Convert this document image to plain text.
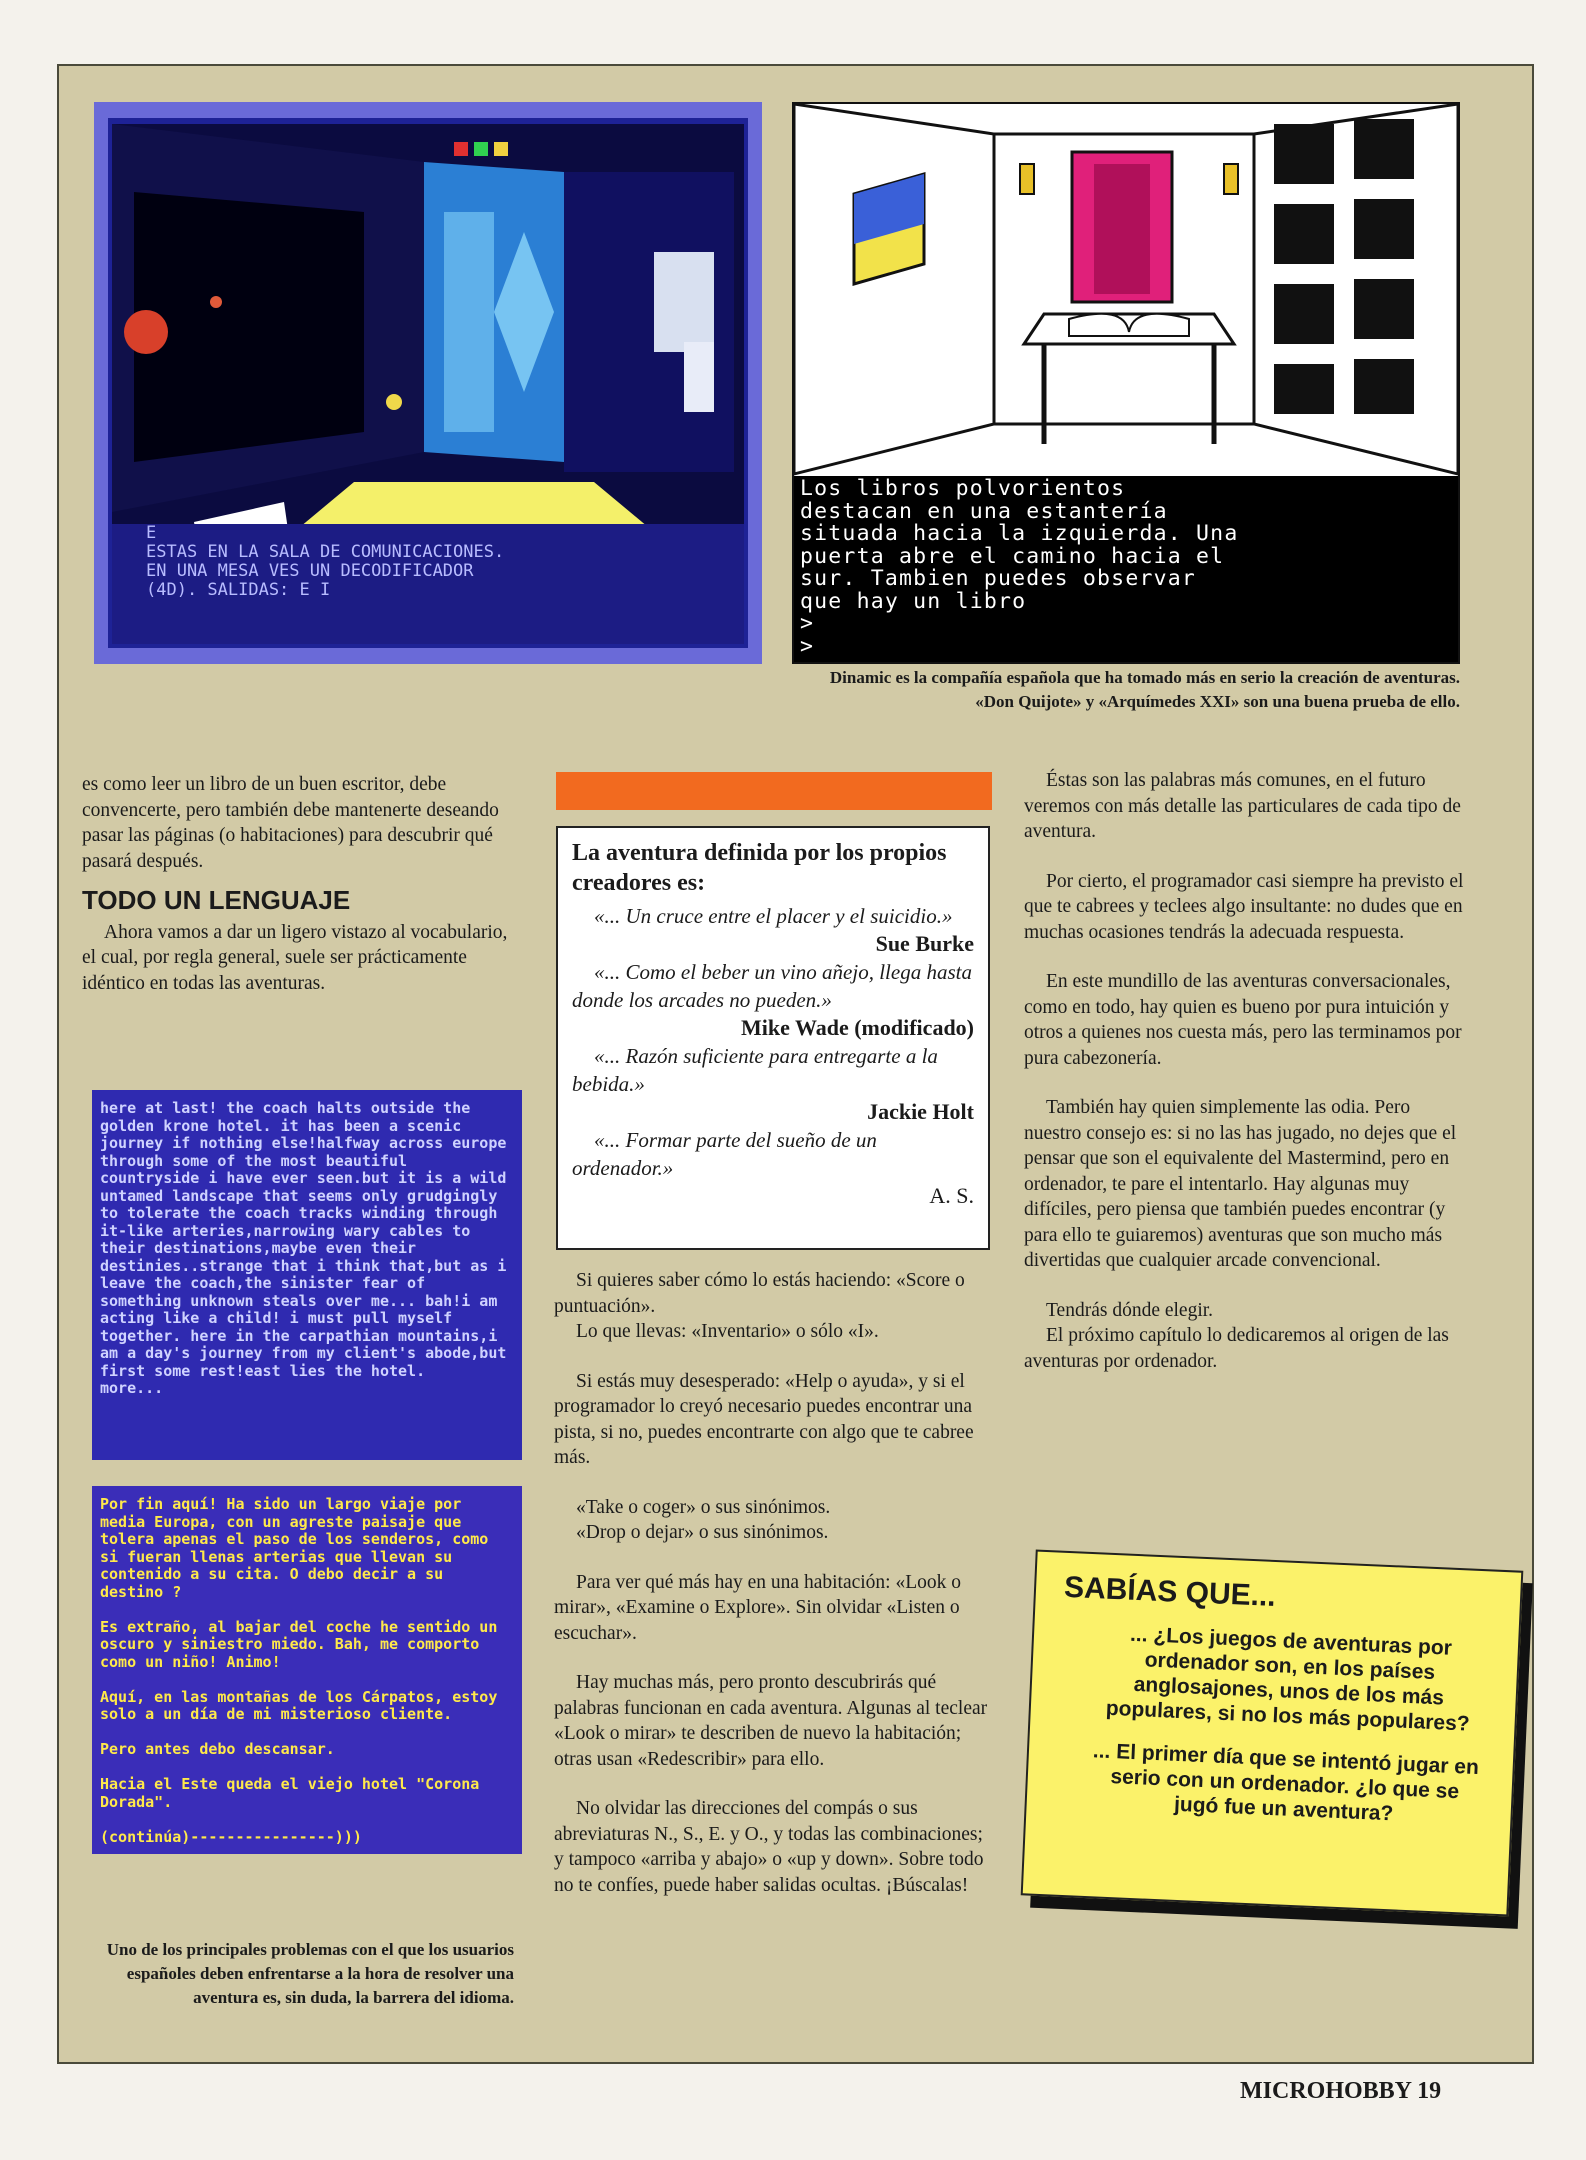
E
ESTAS EN LA SALA DE COMUNICACIONES.
EN UNA MESA VES UN DECODIFICADOR
(4D). SALIDAS: E I
Los libros polvorientos
destacan en una estantería
situada hacia la izquierda. Una
puerta abre el camino hacia el
sur. Tambien puedes observar
que hay un libro
>
>
Dinamic es la compañía española que ha tomado más en serio la creación de aventuras.
«Don Quijote» y «Arquímedes XXI» son una buena prueba de ello.

es como leer un libro de un buen escritor, debe convencerte, pero también debe mantenerte deseando pasar las páginas (o habitaciones) para descubrir qué pasará después.

TODO UN LENGUAJE

Ahora vamos a dar un ligero vistazo al vocabulario, el cual, por regla general, suele ser prácticamente idéntico en todas las aventuras.

here at last! the coach halts outside the golden krone hotel. it has been a scenic journey if nothing else!halfway across europe through some of the most beautiful countryside i have ever seen.but it is a wild untamed landscape that seems only grudgingly to tolerate the coach tracks winding through it-like arteries,narrowing wary cables to their destinations,maybe even their destinies..strange that i think that,but as i leave the coach,the sinister fear of something unknown steals over me... bah!i am acting like a child! i must pull myself together. here in the carpathian mountains,i am a day's journey from my client's abode,but first some rest!east lies the hotel.
more...
Por fin aquí! Ha sido un largo viaje por media Europa, con un agreste paisaje que tolera apenas el paso de los senderos, como si fueran llenas arterias que llevan su contenido a su cita. O debo decir a su destino ?

Es extraño, al bajar del coche he sentido un oscuro y siniestro miedo. Bah, me comporto como un niño! Animo!

Aquí, en las montañas de los Cárpatos, estoy solo a un día de mi misterioso cliente.

Pero antes debo descansar.

Hacia el Este queda el viejo hotel "Corona Dorada".

(continúa)----------------)))
Uno de los principales problemas con el que los usuarios españoles deben enfrentarse a la hora de resolver una aventura es, sin duda, la barrera del idioma.
La aventura definida por los propios creadores es:
«... Un cruce entre el placer y el suicidio.»
Sue Burke
«... Como el beber un vino añejo, llega hasta donde los arcades no pueden.»
Mike Wade (modificado)
«... Razón suficiente para entregarte a la bebida.»
Jackie Holt
«... Formar parte del sueño de un ordenador.»
A. S.

Si quieres saber cómo lo estás haciendo: «Score o puntuación».

Lo que llevas: «Inventario» o sólo «I».

Si estás muy desesperado: «Help o ayuda», y si el programador lo creyó necesario puedes encontrar una pista, si no, puedes encontrarte con algo que te cabree más.

«Take o coger» o sus sinónimos.

«Drop o dejar» o sus sinónimos.

Para ver qué más hay en una habitación: «Look o mirar», «Examine o Explore». Sin olvidar «Listen o escuchar».

Hay muchas más, pero pronto descubrirás qué palabras funcionan en cada aventura. Algunas al teclear «Look o mirar» te describen de nuevo la habitación; otras usan «Redescribir» para ello.

No olvidar las direcciones del compás o sus abreviaturas N., S., E. y O., y todas las combinaciones; y tampoco «arriba y abajo» o «up y down». Sobre todo no te confíes, puede haber salidas ocultas. ¡Búscalas!

Éstas son las palabras más comunes, en el futuro veremos con más detalle las particulares de cada tipo de aventura.

Por cierto, el programador casi siempre ha previsto el que te cabrees y teclees algo insultante: no dudes que en muchas ocasiones tendrás la adecuada respuesta.

En este mundillo de las aventuras conversacionales, como en todo, hay quien es bueno por pura intuición y otros a quienes nos cuesta más, pero las terminamos por pura cabezonería.

También hay quien simplemente las odia. Pero nuestro consejo es: si no las has jugado, no dejes que el pensar que son el equivalente del Mastermind, pero en ordenador, te pare el intentarlo. Hay algunas muy difíciles, pero piensa que también puedes encontrar (y para ello te guiaremos) aventuras que son mucho más divertidas que cualquier arcade convencional.

Tendrás dónde elegir.

El próximo capítulo lo dedicaremos al origen de las aventuras por ordenador.

SABÍAS QUE...

... ¿Los juegos de aventuras por ordenador son, en los países anglosajones, unos de los más populares, si no los más populares?

... El primer día que se intentó jugar en serio con un ordenador. ¿lo que se jugó fue un aventura?

MICROHOBBY 19
